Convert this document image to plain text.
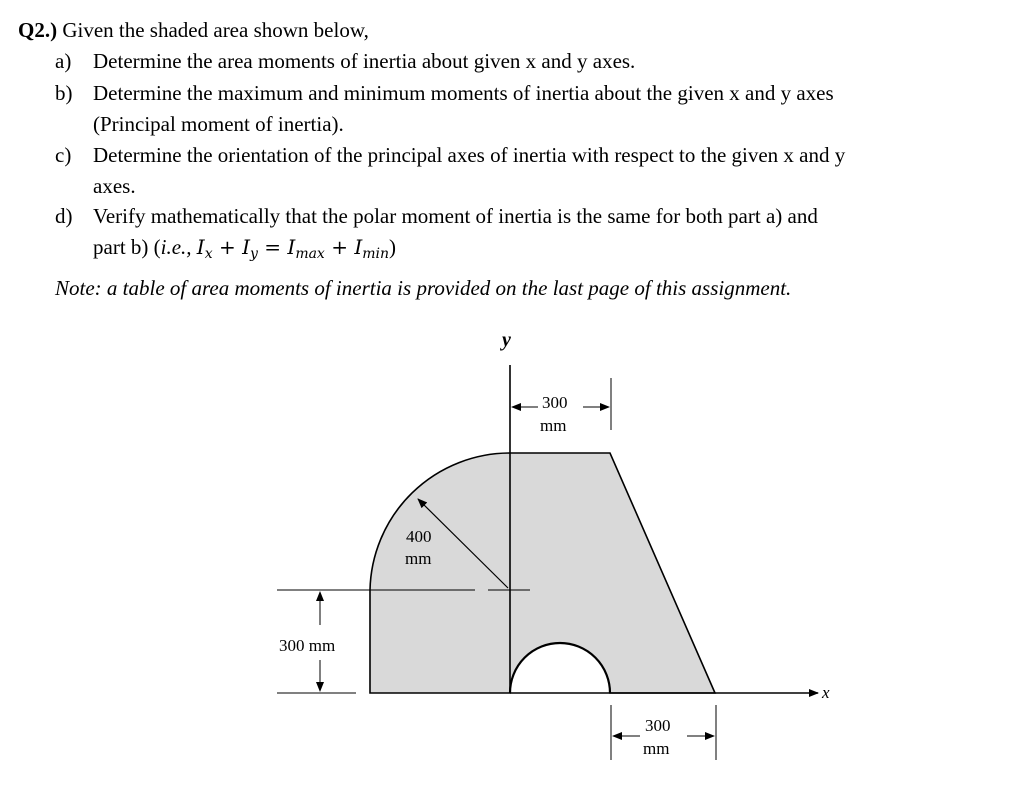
Q2.) Given the shaded area shown below,
a) Determine the area moments of inertia about given x and y axes.
b) Determine the maximum and minimum moments of inertia about the given x and y axes
(Principal moment of inertia).
c) Determine the orientation of the principal axes of inertia with respect to the given x and y
axes.
d) Verify mathematically that the polar moment of inertia is the same for both part a) and
part b) (i.e., $I_x + I_y = I_{max} + I_{min}$)
Note: a table of area moments of inertia is provided on the last page of this assignment.
y
x
400
mm
300
mm
300 mm
300
mm
